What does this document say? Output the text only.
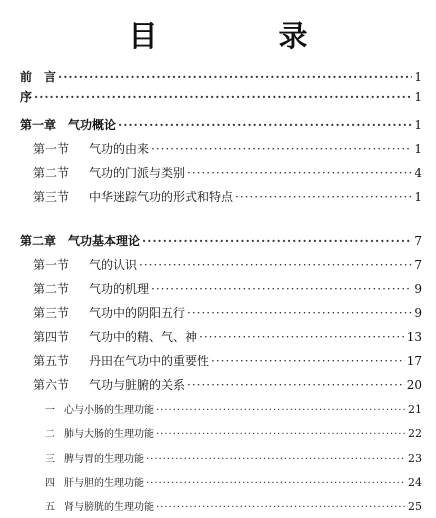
目　录
前　言 ·····	1
序 ·····	1
第一章　气功概论 ·····	1
第一节 气功的由来 ·····	1
第二节 气功的门派与类别 ·····	4
第三节 中华迷踪气功的形式和特点 ·····	1
第二章　气功基本理论 ·····	7
第一节 气的认识 ·····	7
第二节 气功的机理 ·····	9
第三节 气功中的阴阳五行 ·····	9
第四节 气功中的精、气、神 ·····	13
第五节 丹田在气功中的重要性 ·····	17
第六节 气功与脏腑的关系 ·····	20
一 心与小肠的生理功能 ·····	21
二 肺与大肠的生理功能 ·····	22
三 脾与胃的生理功能 ·····	23
四 肝与胆的生理功能 ·····	24
五 肾与膀胱的生理功能 ·····	25
